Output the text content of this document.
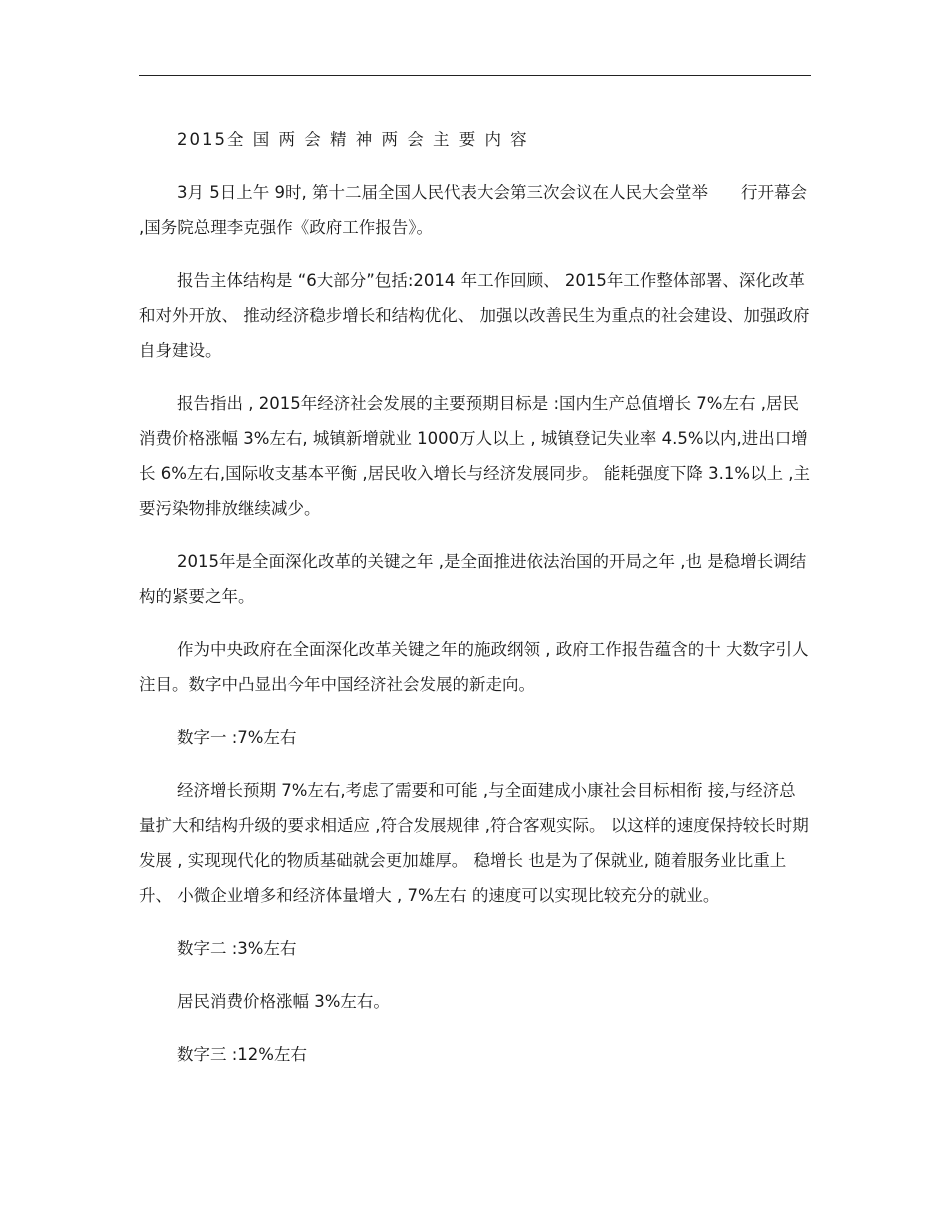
2015全 国 两 会 精 神 两 会 主 要 内 容

3月 5日上午 9时, 第十二届全国人民代表大会第三次会议在人民大会堂举　　行开幕会 ,国务院总理李克强作《政府工作报告》。

报告主体结构是 “6大部分”包括:2014 年工作回顾、 2015年工作整体部署、深化改革和对外开放、 推动经济稳步增长和结构优化、 加强以改善民生为重点的社会建设、加强政府自身建设。

报告指出 , 2015年经济社会发展的主要预期目标是 :国内生产总值增长 7%左右 ,居民消费价格涨幅 3%左右, 城镇新增就业 1000万人以上 , 城镇登记失业率 4.5%以内,进出口增长 6%左右,国际收支基本平衡 ,居民收入增长与经济发展同步。 能耗强度下降 3.1%以上 ,主要污染物排放继续减少。

2015年是全面深化改革的关键之年 ,是全面推进依法治国的开局之年 ,也 是稳增长调结构的紧要之年。

作为中央政府在全面深化改革关键之年的施政纲领 , 政府工作报告蕴含的十 大数字引人注目。数字中凸显出今年中国经济社会发展的新走向。

数字一 :7%左右

经济增长预期 7%左右,考虑了需要和可能 ,与全面建成小康社会目标相衔 接,与经济总量扩大和结构升级的要求相适应 ,符合发展规律 ,符合客观实际。 以这样的速度保持较长时期发展 , 实现现代化的物质基础就会更加雄厚。 稳增长 也是为了保就业, 随着服务业比重上升、 小微企业增多和经济体量增大 , 7%左右 的速度可以实现比较充分的就业。

数字二 :3%左右

居民消费价格涨幅 3%左右。

数字三 :12%左右
